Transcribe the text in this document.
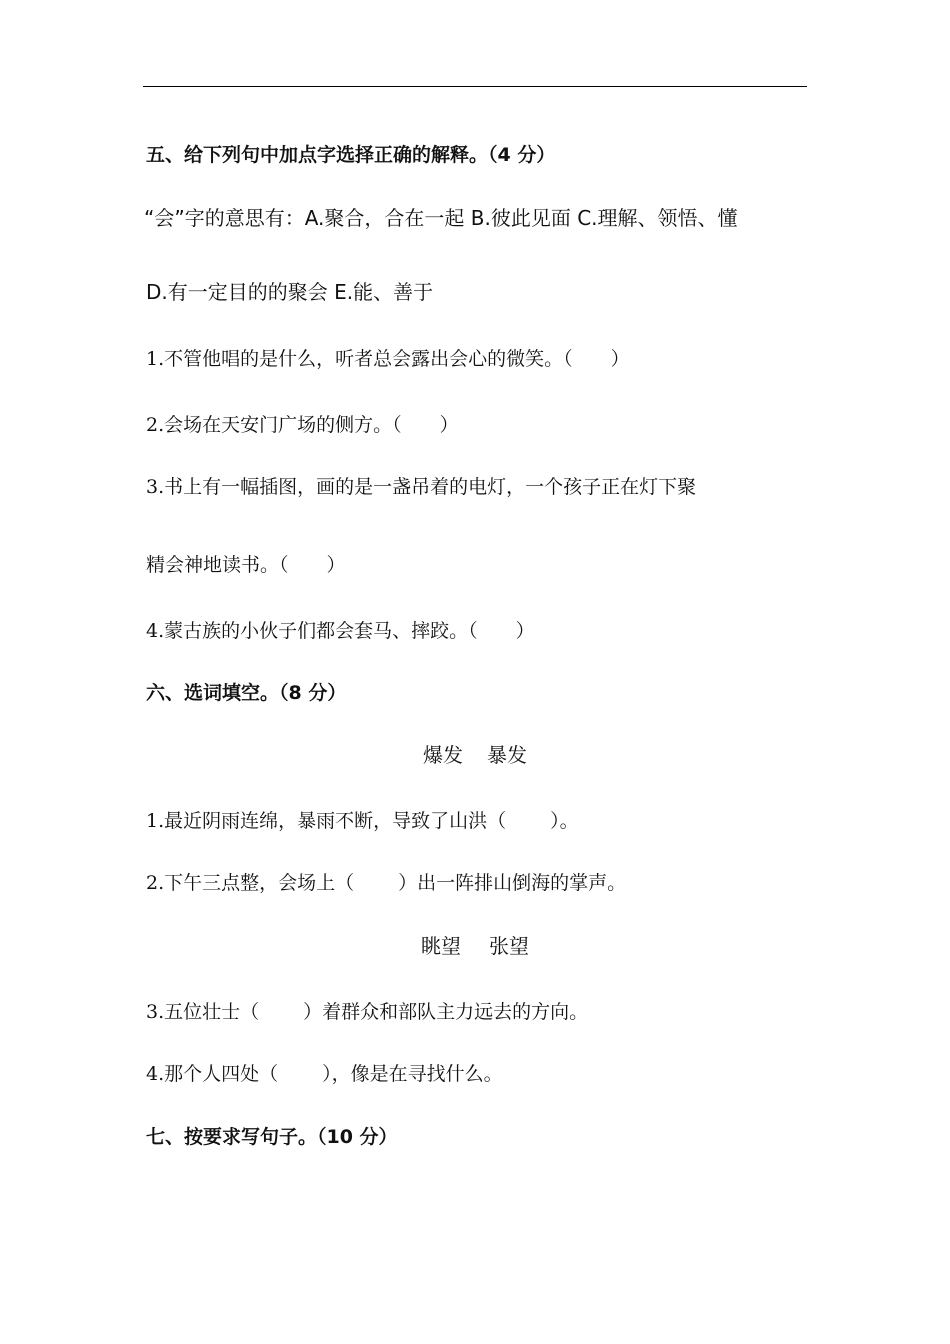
五、给下列句中加点字选择正确的解释。（4 分）
“会”字的意思有：A.聚合，合在一起 B.彼此见面 C.理解、领悟、懂
D.有一定目的的聚会 E.能、善于
1.不管他唱的是什么，听者总会露出会心的微笑。（　　）
2.会场在天安门广场的侧方。（　　）
3.书上有一幅插图，画的是一盏吊着的电灯，一个孩子正在灯下聚
精会神地读书。（　　）
4.蒙古族的小伙子们都会套马、摔跤。（　　）
六、选词填空。（8 分）
爆发 暴发
1.最近阴雨连绵，暴雨不断，导致了山洪（　　 ）。
2.下午三点整，会场上（　　 ）出一阵排山倒海的掌声。
眺望 张望
3.五位壮士（　　 ）着群众和部队主力远去的方向。
4.那个人四处（　　 ），像是在寻找什么。
七、按要求写句子。（10 分）
